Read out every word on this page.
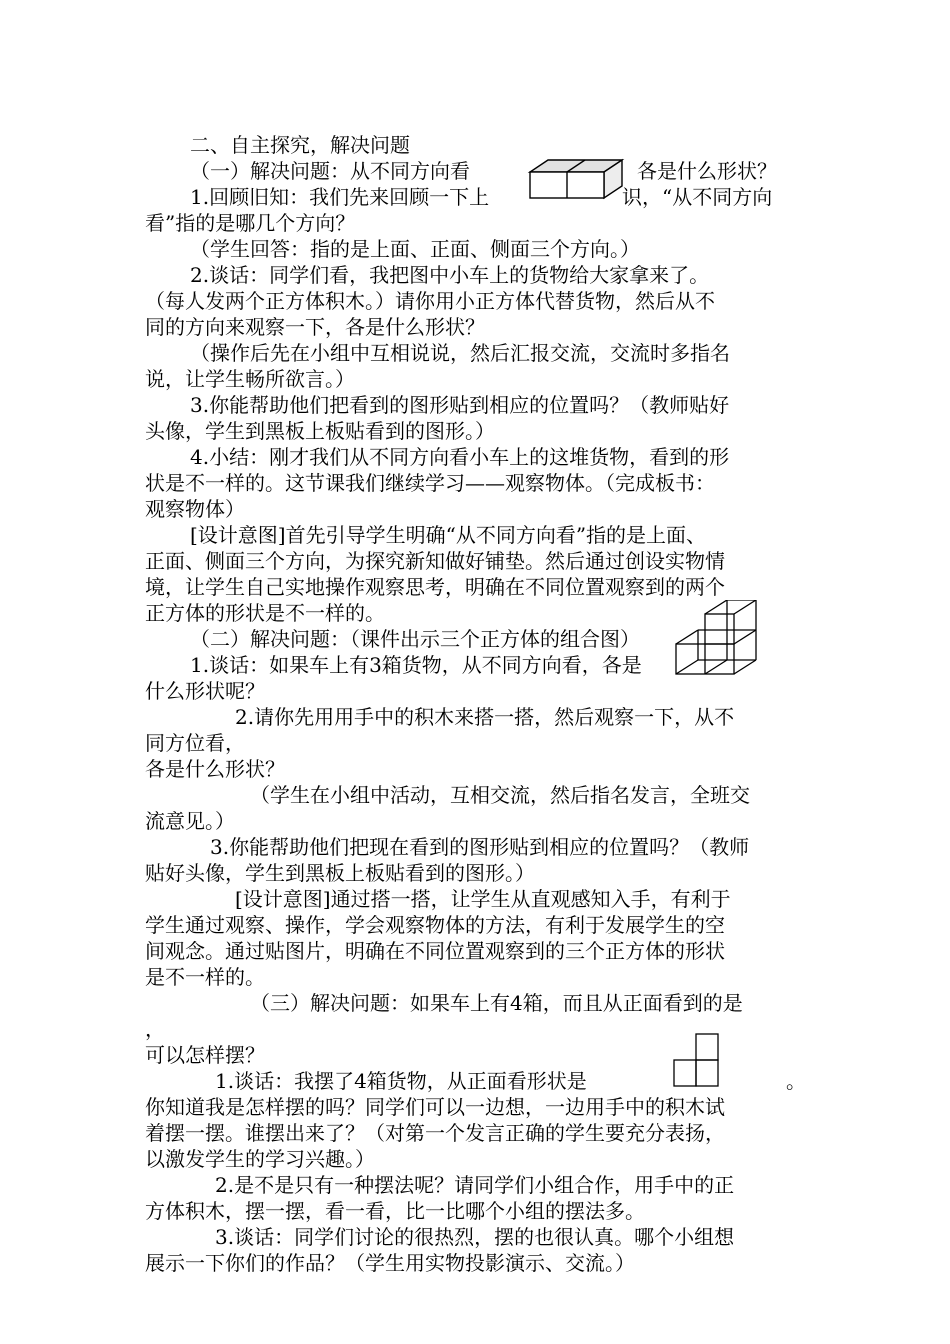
二、自主探究，解决问题
（一）解决问题：从不同方向看	各是什么形状？
1.回顾旧知：我们先来回顾一下上	识，“从不同方向
看”指的是哪几个方向？
（学生回答：指的是上面、正面、侧面三个方向。）
2.谈话：同学们看，我把图中小车上的货物给大家拿来了。
（每人发两个正方体积木。）请你用小正方体代替货物，然后从不
同的方向来观察一下，各是什么形状？
（操作后先在小组中互相说说，然后汇报交流，交流时多指名
说，让学生畅所欲言。）
3.你能帮助他们把看到的图形贴到相应的位置吗？（教师贴好
头像，学生到黑板上板贴看到的图形。）
4.小结：刚才我们从不同方向看小车上的这堆货物，看到的形
状是不一样的。这节课我们继续学习——观察物体。（完成板书：
观察物体）
[设计意图]首先引导学生明确“从不同方向看”指的是上面、
正面、侧面三个方向，为探究新知做好铺垫。然后通过创设实物情
境，让学生自己实地操作观察思考，明确在不同位置观察到的两个
正方体的形状是不一样的。
（二）解决问题：（课件出示三个正方体的组合图）
1.谈话：如果车上有3箱货物，从不同方向看，各是
什么形状呢？
2.请你先用用手中的积木来搭一搭，然后观察一下，从不
同方位看，
各是什么形状？
（学生在小组中活动，互相交流，然后指名发言，全班交
流意见。）
3.你能帮助他们把现在看到的图形贴到相应的位置吗？（教师
贴好头像，学生到黑板上板贴看到的图形。）
[设计意图]通过搭一搭，让学生从直观感知入手，有利于
学生通过观察、操作，学会观察物体的方法，有利于发展学生的空
间观念。通过贴图片，明确在不同位置观察到的三个正方体的形状
是不一样的。
（三）解决问题：如果车上有4箱，而且从正面看到的是
，
可以怎样摆？
1.谈话：我摆了4箱货物，从正面看形状是	。
你知道我是怎样摆的吗？同学们可以一边想，一边用手中的积木试
着摆一摆。谁摆出来了？（对第一个发言正确的学生要充分表扬，
以激发学生的学习兴趣。）
2.是不是只有一种摆法呢？请同学们小组合作，用手中的正
方体积木，摆一摆，看一看，比一比哪个小组的摆法多。
3.谈话：同学们讨论的很热烈，摆的也很认真。哪个小组想
展示一下你们的作品？（学生用实物投影演示、交流。）
